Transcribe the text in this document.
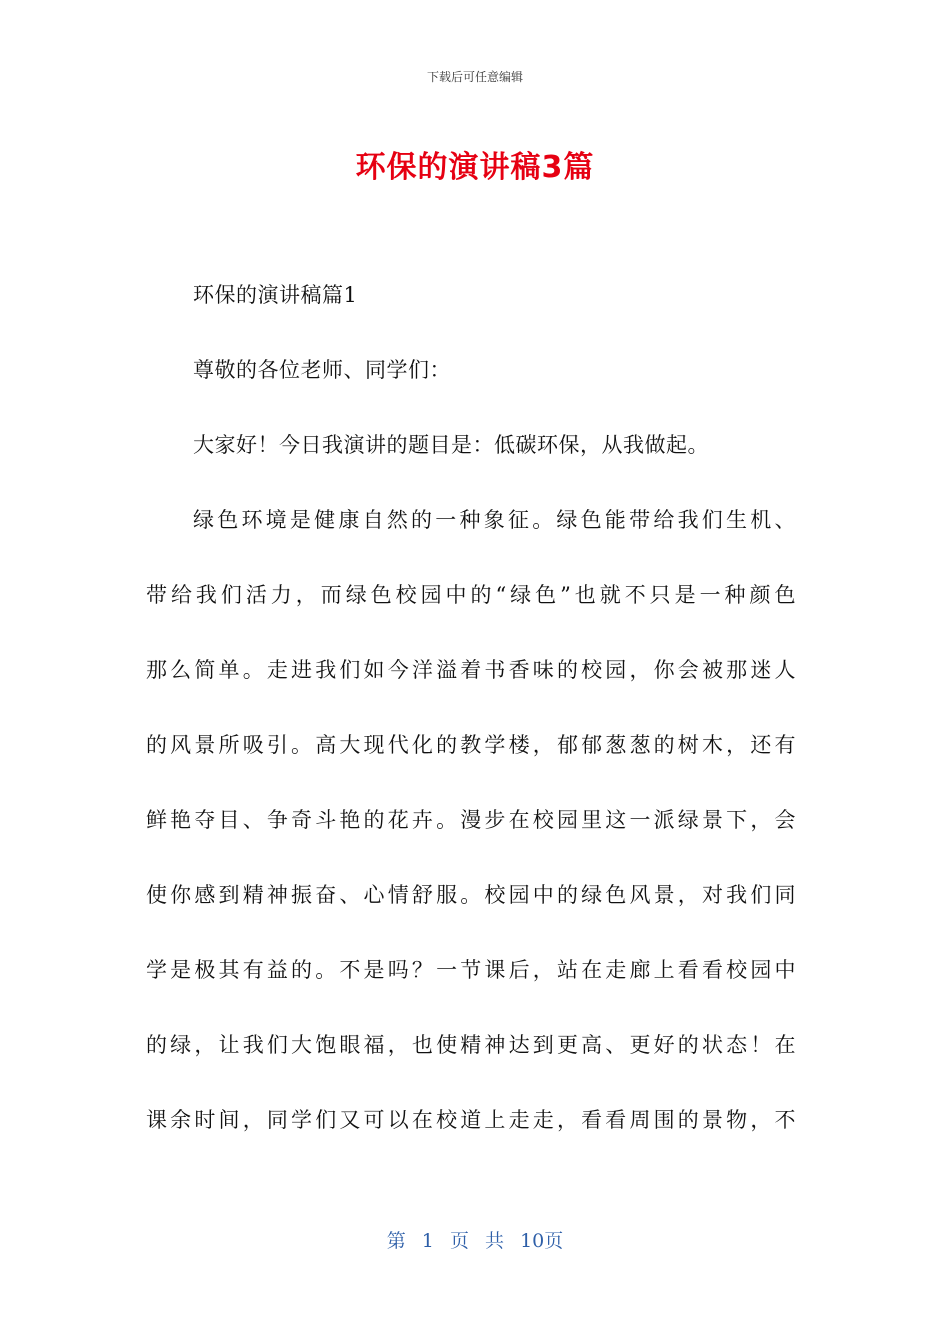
下载后可任意编辑
环保的演讲稿3篇
环保的演讲稿篇1
尊敬的各位老师、同学们：
大家好！今日我演讲的题目是：低碳环保，从我做起。
绿色环境是健康自然的一种象征。绿色能带给我们生机、
带给我们活力，而绿色校园中的“绿色”也就不只是一种颜色
那么简单。走进我们如今洋溢着书香味的校园，你会被那迷人
的风景所吸引。高大现代化的教学楼，郁郁葱葱的树木，还有
鲜艳夺目、争奇斗艳的花卉。漫步在校园里这一派绿景下，会
使你感到精神振奋、心情舒服。校园中的绿色风景，对我们同
学是极其有益的。不是吗？一节课后，站在走廊上看看校园中
的绿，让我们大饱眼福，也使精神达到更高、更好的状态！在
课余时间，同学们又可以在校道上走走，看看周围的景物，不
第 1 页 共 10页
